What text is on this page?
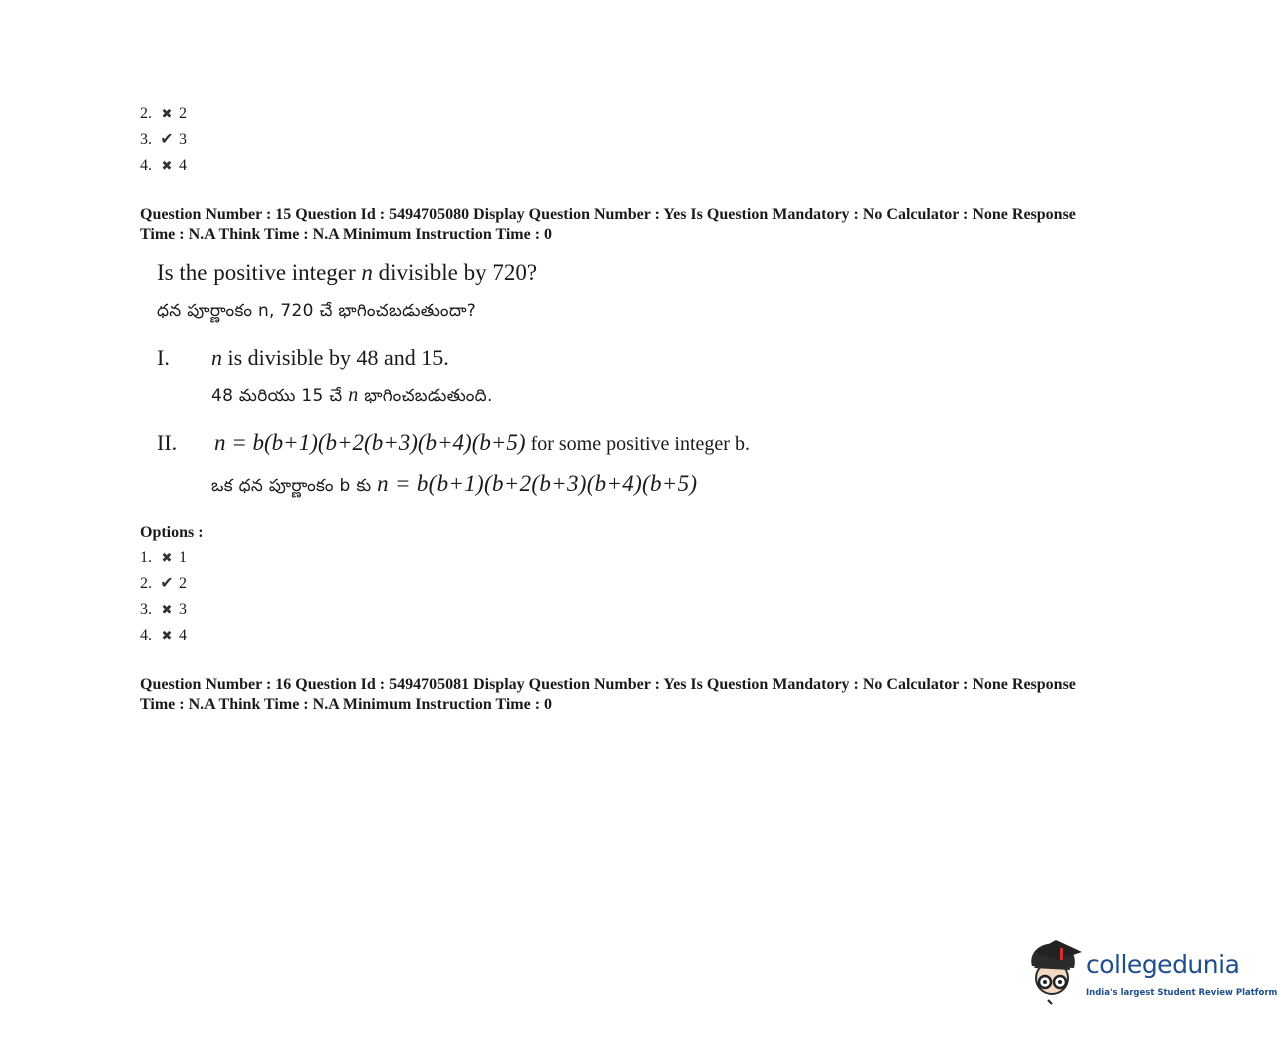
2. ✖ 2
3. ✔ 3
4. ✖ 4
Question Number : 15 Question Id : 5494705080 Display Question Number : Yes Is Question Mandatory : No Calculator : None Response
Time : N.A Think Time : N.A Minimum Instruction Time : 0
Is the positive integer n divisible by 720?
ధన పూర్ణాంకం n, 720 చే భాగించబడుతుందా?
I. n is divisible by 48 and 15.
48 మరియు 15 చే n భాగించబడుతుంది.
II. n = b(b+1)(b+2(b+3)(b+4)(b+5) for some positive integer b.
ఒక ధన పూర్ణాంకం b కు n = b(b+1)(b+2(b+3)(b+4)(b+5)
Options :
1. ✖ 1
2. ✔ 2
3. ✖ 3
4. ✖ 4
Question Number : 16 Question Id : 5494705081 Display Question Number : Yes Is Question Mandatory : No Calculator : None Response
Time : N.A Think Time : N.A Minimum Instruction Time : 0
collegedunia
India's largest Student Review Platform
